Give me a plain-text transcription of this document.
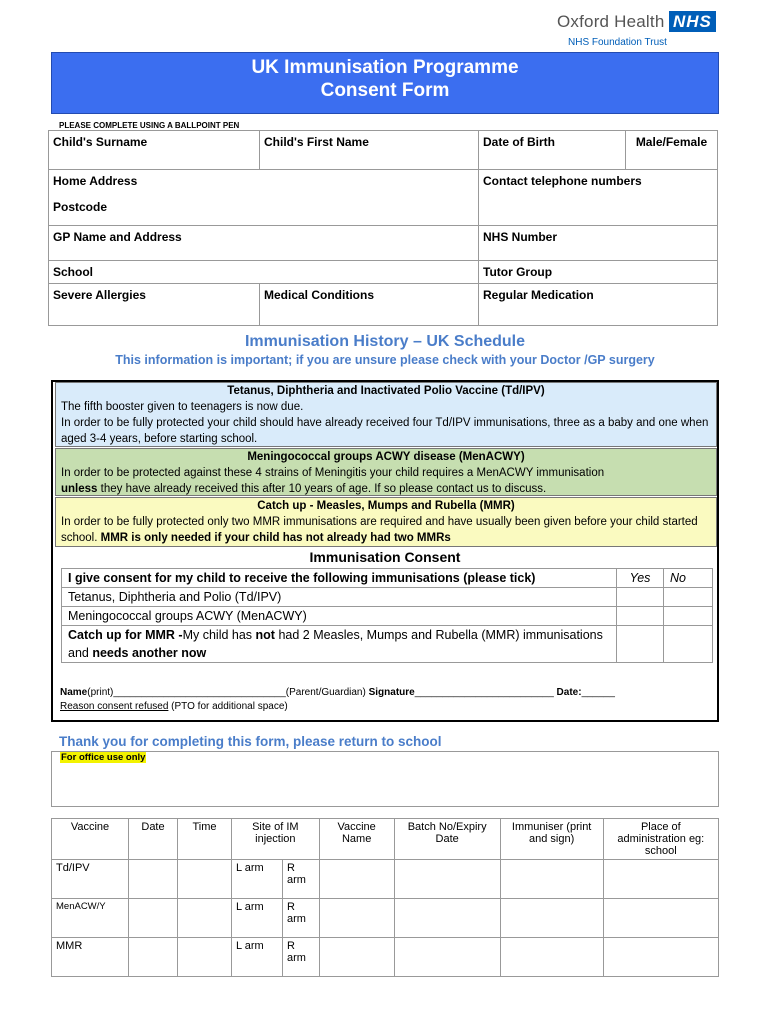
Oxford Health NHS
NHS Foundation Trust
UK Immunisation Programme
Consent Form
PLEASE COMPLETE USING A BALLPOINT PEN
Child's Surname	Child's First Name	Date of Birth	Male/Female

Home Address
Postcode		Contact telephone numbers	
GP Name and Address		NHS Number	
School		Tutor Group	
Severe Allergies	Medical Conditions	Regular Medication	
Immunisation History – UK Schedule
This information is important; if you are unsure please check with your Doctor /GP surgery
Tetanus, Diphtheria and Inactivated Polio Vaccine (Td/IPV)
The fifth booster given to teenagers is now due.
In order to be fully protected your child should have already received four Td/IPV immunisations, three as a baby and one when aged 3-4 years, before starting school.
Meningococcal groups ACWY disease (MenACWY)
In order to be protected against these 4 strains of Meningitis your child requires a MenACWY immunisation
unless they have already received this after 10 years of age. If so please contact us to discuss.
Catch up - Measles, Mumps and Rubella (MMR)
In order to be fully protected only two MMR immunisations are required and have usually been given before your child started school. MMR is only needed if your child has not already had two MMRs
Immunisation Consent
I give consent for my child to receive the following immunisations (please tick)	Yes	No
Tetanus, Diphtheria and Polio (Td/IPV)		
Meningococcal groups ACWY (MenACWY)		
Catch up for MMR -My child has not had 2 Measles, Mumps and Rubella (MMR) immunisations and needs another now		
Name(print)_______________________________(Parent/Guardian) Signature_________________________ Date:______
Reason consent refused (PTO for additional space)
Thank you for completing this form, please return to school
For office use only
Vaccine	Date	Time	Site of IM injection		Vaccine Name	Batch No/Expiry Date	Immuniser (print and sign)	Place of administration eg: school
Td/IPV			L arm	R arm				
MenACW/Y			L arm	R arm				
MMR			L arm	R arm				
